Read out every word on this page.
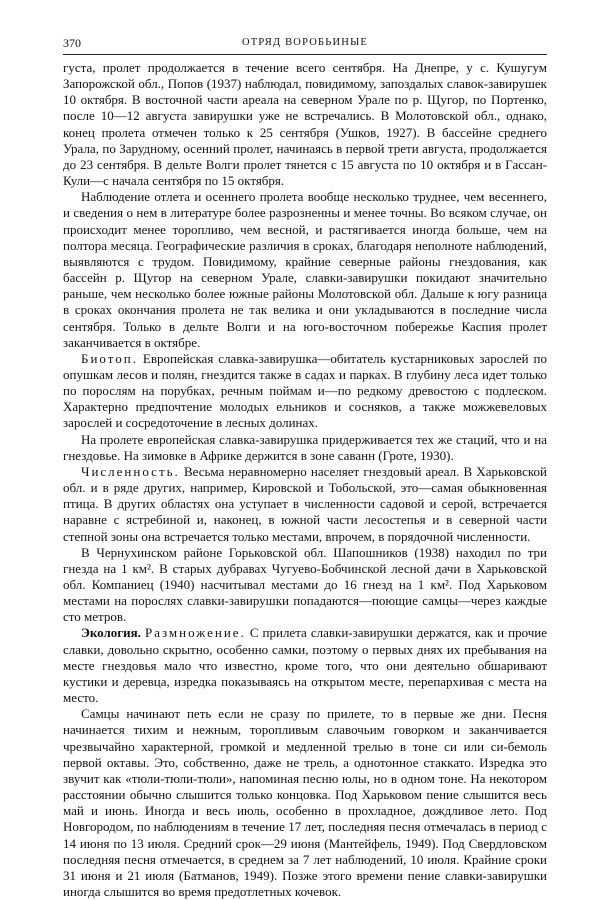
370	ОТРЯД ВОРОБЬИНЫЕ

густа, пролет продолжается в течение всего сентября. На Днепре, у с. Кушугум Запорожской обл., Попов (1937) наблюдал, повидимому, запоздалых славок-завирушек 10 октября. В восточной части ареала на северном Урале по р. Щугор, по Портенко, после 10—12 августа завирушки уже не встречались. В Молотовской обл., однако, конец пролета отмечен только к 25 сентября (Ушков, 1927). В бассейне среднего Урала, по Зарудному, осенний пролет, начинаясь в первой трети августа, продолжается до 23 сентября. В дельте Волги пролет тянется с 15 августа по 10 октября и в Гассан-Кули—с начала сентября по 15 октября.

Наблюдение отлета и осеннего пролета вообще несколько труднее, чем весеннего, и сведения о нем в литературе более разрозненны и менее точны. Во всяком случае, он происходит менее торопливо, чем весной, и растягивается иногда больше, чем на полтора месяца. Географические различия в сроках, благодаря неполноте наблюдений, выявляются с трудом. Повидимому, крайние северные районы гнездования, как бассейн р. Щугор на северном Урале, славки-завирушки покидают значительно раньше, чем несколько более южные районы Молотовской обл. Дальше к югу разница в сроках окончания пролета не так велика и они укладываются в последние числа сентября. Только в дельте Волги и на юго-восточном побережье Каспия пролет заканчивается в октябре.

Биотоп. Европейская славка-завирушка—обитатель кустарниковых зарослей по опушкам лесов и полян, гнездится также в садах и парках. В глубину леса идет только по порослям на порубках, речным поймам и—по редкому древостою с подлеском. Характерно предпочтение молодых ельников и сосняков, а также можжевеловых зарослей и сосредоточение в лесных долинах.

На пролете европейская славка-завирушка придерживается тех же стаций, что и на гнездовье. На зимовке в Африке держится в зоне саванн (Гроте, 1930).

Численность. Весьма неравномерно населяет гнездовый ареал. В Харьковской обл. и в ряде других, например, Кировской и Тобольской, это—самая обыкновенная птица. В других областях она уступает в численности садовой и серой, встречается наравне с ястребиной и, наконец, в южной части лесостепья и в северной части степной зоны она встречается только местами, впрочем, в порядочной численности.

В Чернухинском районе Горьковской обл. Шапошников (1938) находил по три гнезда на 1 км². В старых дубравах Чугуево-Бобчинской лесной дачи в Харьковской обл. Компаниец (1940) насчитывал местами до 16 гнезд на 1 км². Под Харьковом местами на порослях славки-завирушки попадаются—поющие самцы—через каждые сто метров.

Экология. Размножение. С прилета славки-завирушки держатся, как и прочие славки, довольно скрытно, особенно самки, поэтому о первых днях их пребывания на месте гнездовья мало что известно, кроме того, что они деятельно обшаривают кустики и деревца, изредка показываясь на открытом месте, перепархивая с места на место.

Самцы начинают петь если не сразу по прилете, то в первые же дни. Песня начинается тихим и нежным, торопливым славочьим говорком и заканчивается чрезвычайно характерной, громкой и медленной трелью в тоне си или си-бемоль первой октавы. Это, собственно, даже не трель, а однотонное стаккато. Изредка это звучит как «тюли-тюли-тюли», напоминая песню юлы, но в одном тоне. На некотором расстоянии обычно слышится только концовка. Под Харьковом пение слышится весь май и июнь. Иногда и весь июль, особенно в прохладное, дождливое лето. Под Новгородом, по наблюдениям в течение 17 лет, последняя песня отмечалась в период с 14 июня по 13 июля. Средний срок—29 июня (Мантейфель, 1949). Под Свердловском последняя песня отмечается, в среднем за 7 лет наблюдений, 10 июля. Крайние сроки 31 июня и 21 июля (Батманов, 1949). Позже этого времени пение славки-завирушки иногда слышится во время предотлетных кочевок.
